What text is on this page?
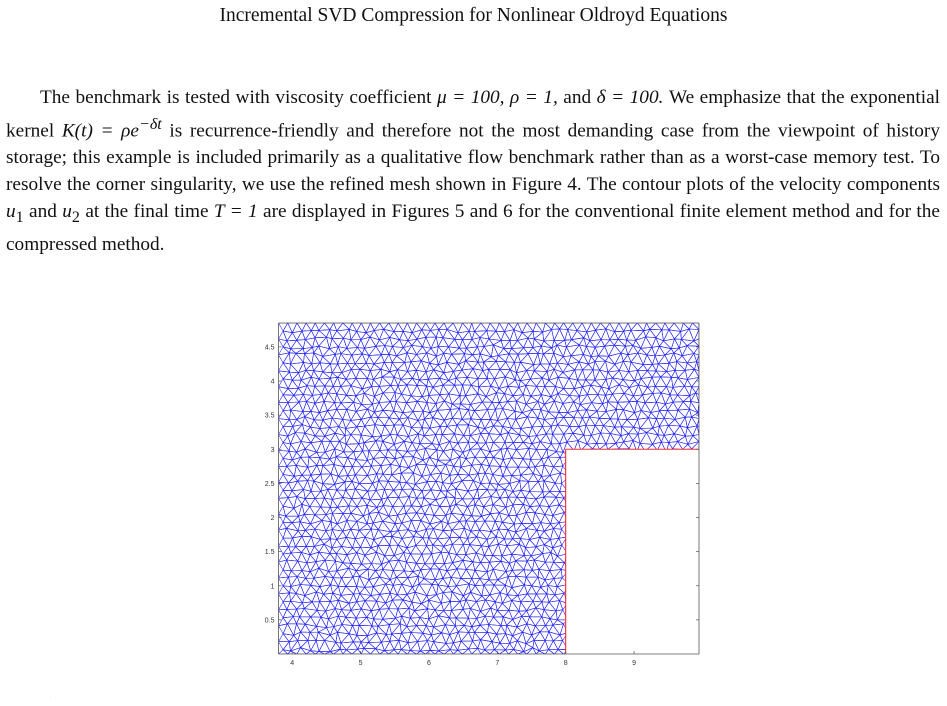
Incremental SVD Compression for Nonlinear Oldroyd Equations

The benchmark is tested with viscosity coefficient μ = 100, ρ = 1, and δ = 100. We emphasize that the exponential kernel $K(t) = \rho e^{-\delta t}$ is recurrence-friendly and therefore not the most demanding case from the viewpoint of history storage; this example is included primarily as a qualitative flow benchmark rather than as a worst-case memory test. To resolve the corner singularity, we use the refined mesh shown in Figure 4. The contour plots of the velocity components $u_1$ and $u_2$ at the final time T = 1 are displayed in Figures 5 and 6 for the conventional finite element method and for the compressed method.

4	5	6	7	8	9
0.5
1
1.5
2
2.5
3
3.5
4
4.5
.
